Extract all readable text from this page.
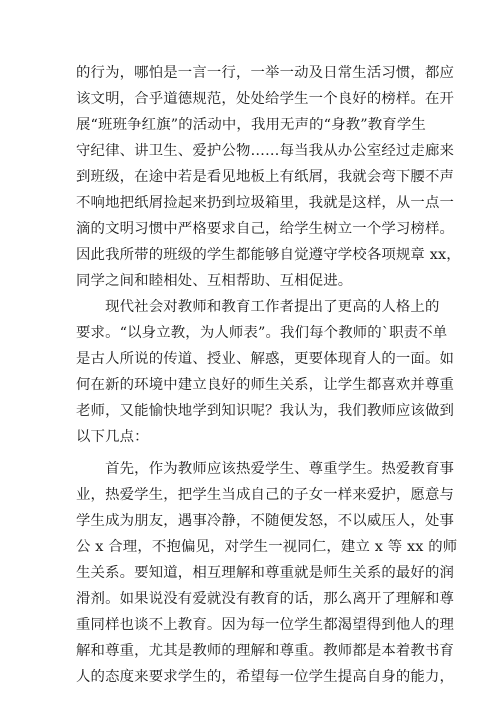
的行为，哪怕是一言一行，一举一动及日常生活习惯，都应
该文明，合乎道德规范，处处给学生一个良好的榜样。在开
展“班班争红旗”的活动中，我用无声的“身教”教育学生
守纪律、讲卫生、爱护公物……每当我从办公室经过走廊来
到班级，在途中若是看见地板上有纸屑，我就会弯下腰不声
不响地把纸屑捡起来扔到垃圾箱里，我就是这样，从一点一
滴的文明习惯中严格要求自己，给学生树立一个学习榜样。
因此我所带的班级的学生都能够自觉遵守学校各项规章 xx，
同学之间和睦相处、互相帮助、互相促进。
　　现代社会对教师和教育工作者提出了更高的人格上的
要求。“以身立教，为人师表”。我们每个教师的`职责不单
是古人所说的传道、授业、解惑，更要体现育人的一面。如
何在新的环境中建立良好的师生关系，让学生都喜欢并尊重
老师，又能愉快地学到知识呢？我认为，我们教师应该做到
以下几点：
　　首先，作为教师应该热爱学生、尊重学生。热爱教育事
业，热爱学生，把学生当成自己的子女一样来爱护，愿意与
学生成为朋友，遇事冷静，不随便发怒，不以威压人，处事
公 x 合理，不抱偏见，对学生一视同仁，建立 x 等 xx 的师
生关系。要知道，相互理解和尊重就是师生关系的最好的润
滑剂。如果说没有爱就没有教育的话，那么离开了理解和尊
重同样也谈不上教育。因为每一位学生都渴望得到他人的理
解和尊重，尤其是教师的理解和尊重。教师都是本着教书育
人的态度来要求学生的，希望每一位学生提高自身的能力，
